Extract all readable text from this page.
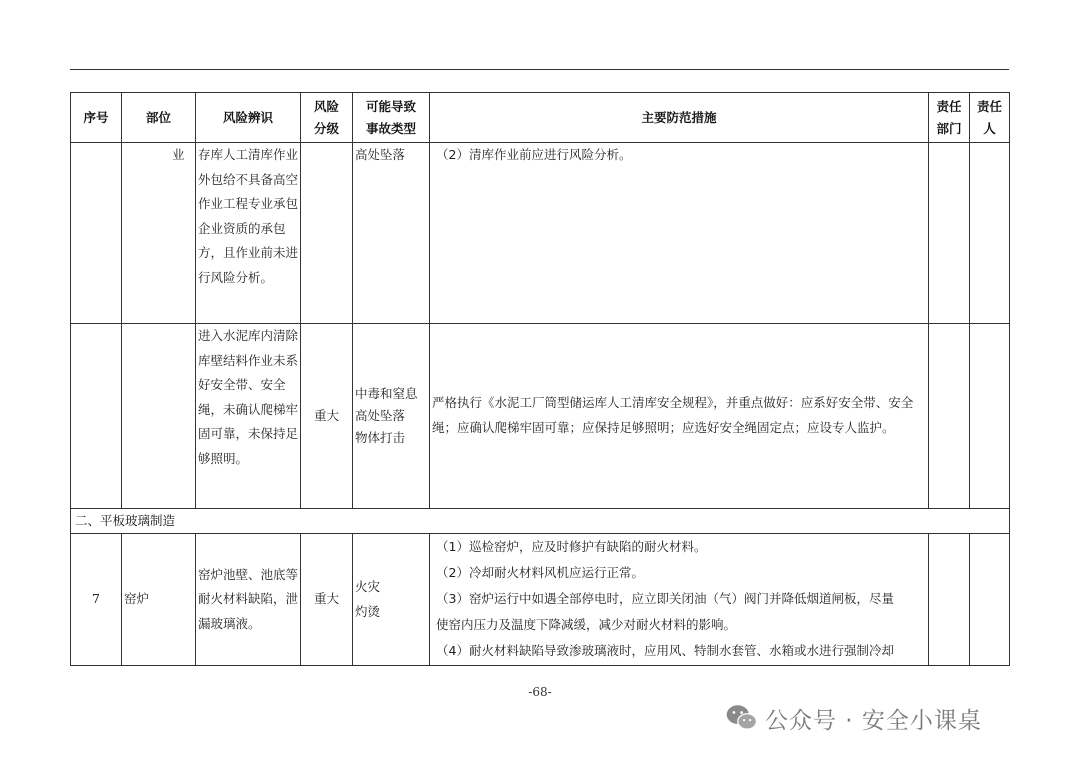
序号	部位	风险辨识	风险分级	可能导致事故类型	主要防范措施	责任部门	责任人
	业	存库人工清库作业外包给不具备高空作业工程专业承包企业资质的承包方，且作业前未进行风险分析。		高处坠落	（2）清库作业前应进行风险分析。		

		进入水泥库内清除库壁结料作业未系好安全带、安全绳，未确认爬梯牢固可靠，未保持足够照明。	重大	中毒和窒息
高处坠落
物体打击	严格执行《水泥工厂筒型储运库人工清库安全规程》，并重点做好：应系好安全带、安全绳；应确认爬梯牢固可靠；应保持足够照明；应选好安全绳固定点；应设专人监护。		

二、平板玻璃制造							
7	窑炉	窑炉池壁、池底等耐火材料缺陷，泄漏玻璃液。	重大	火灾
灼烫	（1）巡检窑炉，应及时修护有缺陷的耐火材料。
（2）冷却耐火材料风机应运行正常。
（3）窑炉运行中如遇全部停电时，应立即关闭油（气）阀门并降低烟道闸板，尽量
使窑内压力及温度下降减缓，减少对耐火材料的影响。
（4）耐火材料缺陷导致渗玻璃液时，应用风、特制水套管、水箱或水进行强制冷却		

-68-
公众号 · 安全小课桌
